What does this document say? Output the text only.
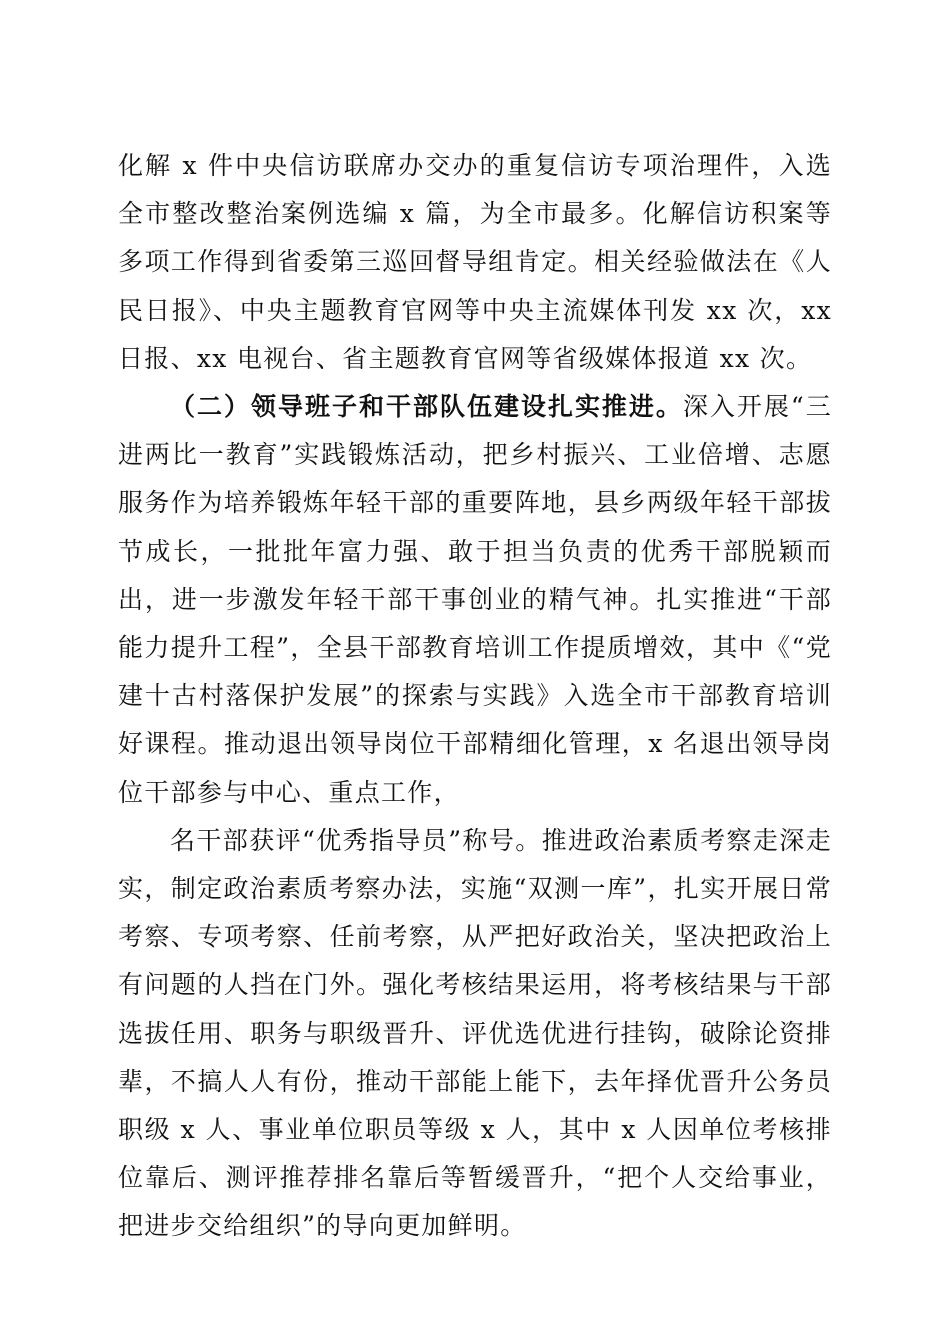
化解 x 件中央信访联席办交办的重复信访专项治理件，入选全市整改整治案例选编 x 篇，为全市最多。化解信访积案等多项工作得到省委第三巡回督导组肯定。相关经验做法在《人民日报》、中央主题教育官网等中央主流媒体刊发 xx 次，xx 日报、xx 电视台、省主题教育官网等省级媒体报道 xx 次。

（二）领导班子和干部队伍建设扎实推进。深入开展“三进两比一教育”实践锻炼活动，把乡村振兴、工业倍增、志愿服务作为培养锻炼年轻干部的重要阵地，县乡两级年轻干部拔节成长，一批批年富力强、敢于担当负责的优秀干部脱颖而出，进一步激发年轻干部干事创业的精气神。扎实推进“干部能力提升工程”，全县干部教育培训工作提质增效，其中《“党建十古村落保护发展”的探索与实践》入选全市干部教育培训好课程。推动退出领导岗位干部精细化管理，x 名退出领导岗位干部参与中心、重点工作，

名干部获评“优秀指导员”称号。推进政治素质考察走深走实，制定政治素质考察办法，实施“双测一库”，扎实开展日常考察、专项考察、任前考察，从严把好政治关，坚决把政治上有问题的人挡在门外。强化考核结果运用，将考核结果与干部选拔任用、职务与职级晋升、评优选优进行挂钩，破除论资排辈，不搞人人有份，推动干部能上能下，去年择优晋升公务员职级 x 人、事业单位职员等级 x 人，其中 x 人因单位考核排位靠后、测评推荐排名靠后等暂缓晋升，“把个人交给事业，把进步交给组织”的导向更加鲜明。
